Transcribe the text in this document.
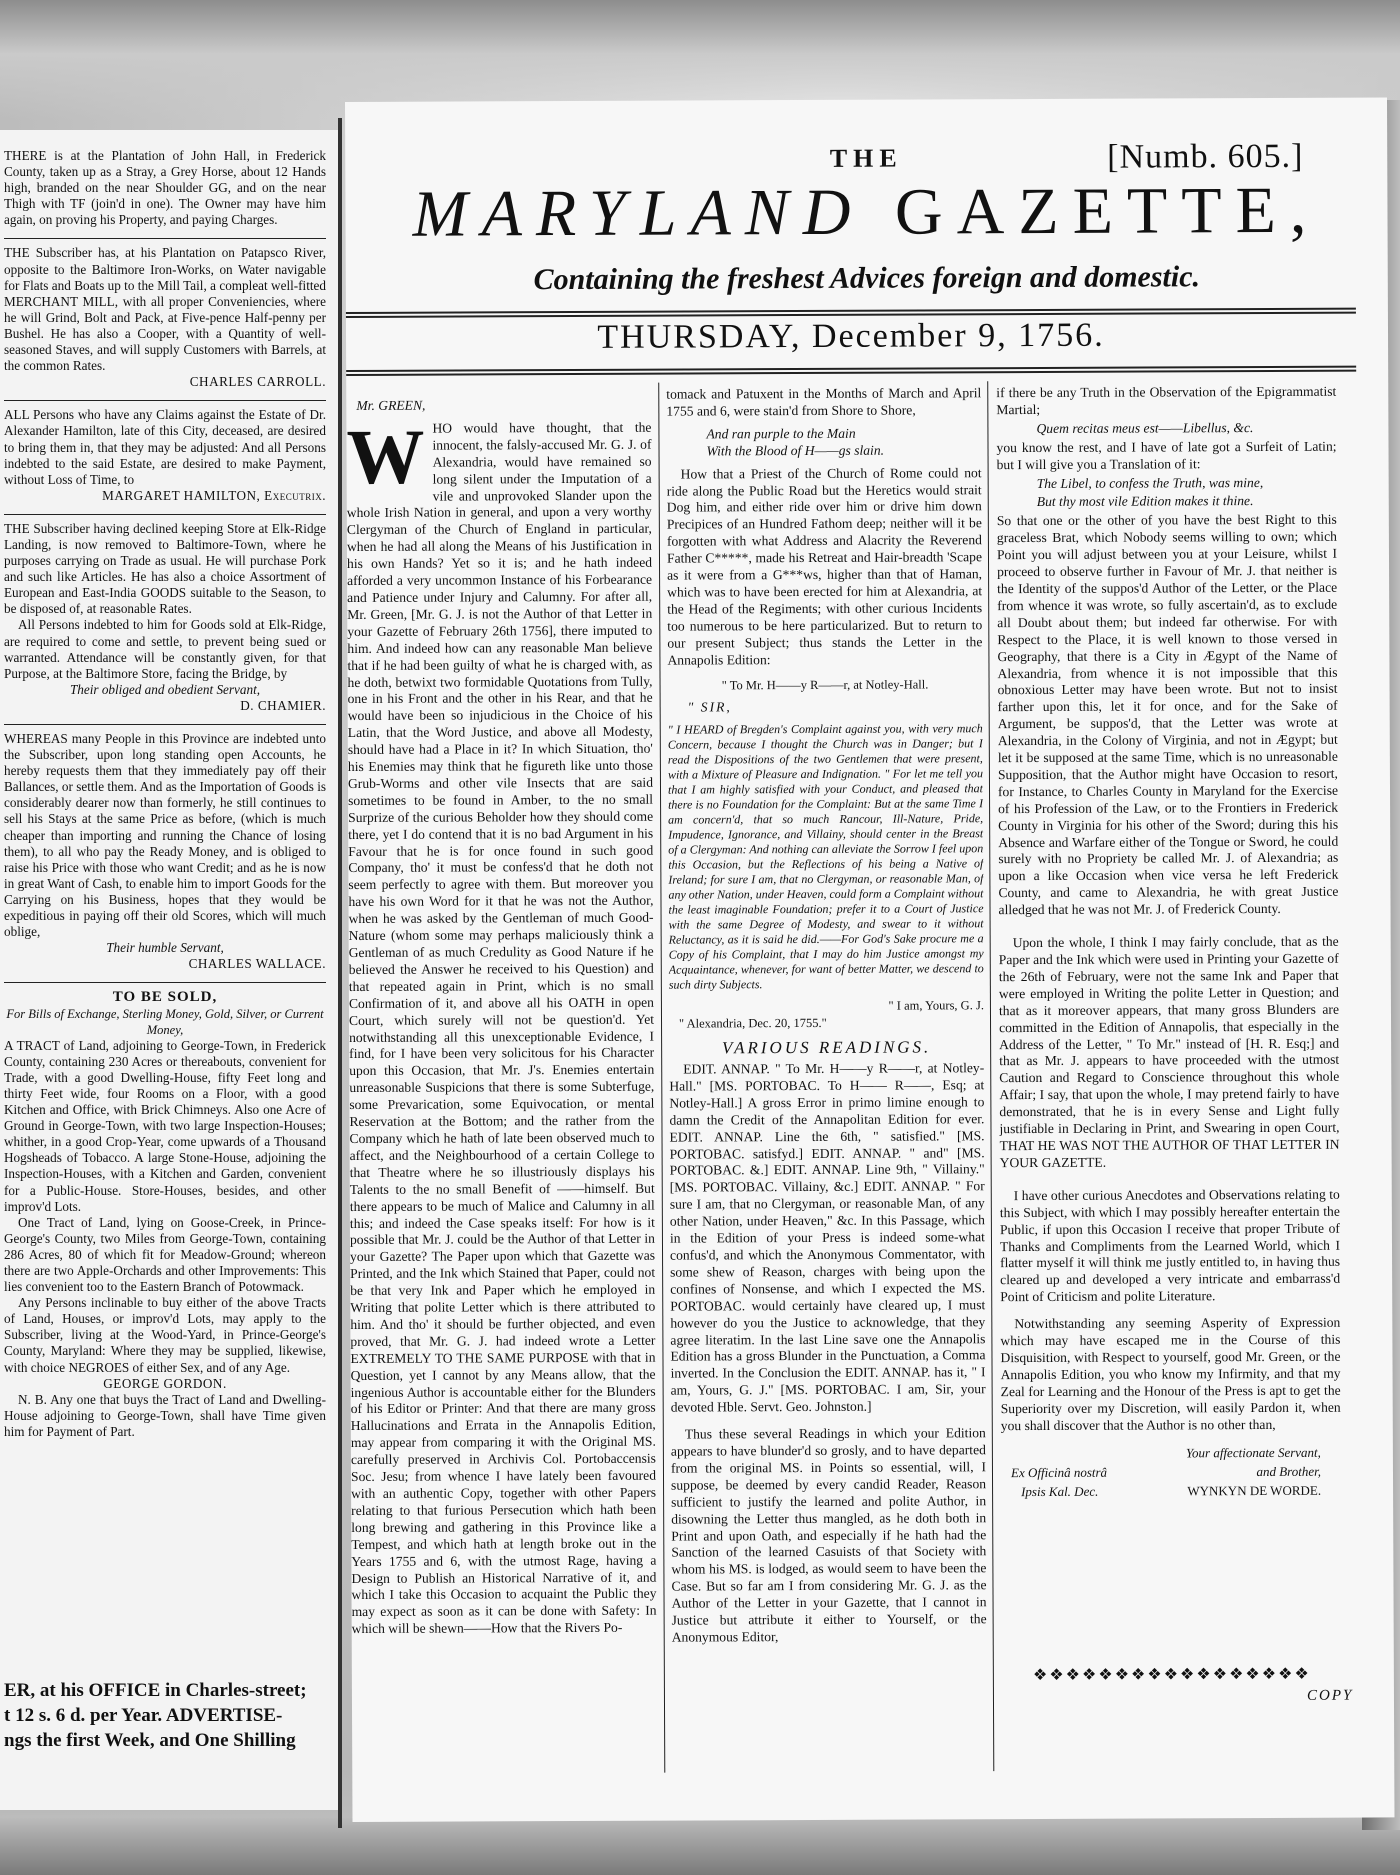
THERE is at the Plantation of John Hall, in Frederick County, taken up as a Stray, a Grey Horse, about 12 Hands high, branded on the near Shoulder GG, and on the near Thigh with TF (join'd in one). The Owner may have him again, on proving his Property, and paying Charges.
THE Subscriber has, at his Plantation on Patapsco River, opposite to the Baltimore Iron-Works, on Water navigable for Flats and Boats up to the Mill Tail, a compleat well-fitted MERCHANT MILL, with all proper Conveniencies, where he will Grind, Bolt and Pack, at Five-pence Half-penny per Bushel. He has also a Cooper, with a Quantity of well-seasoned Staves, and will supply Customers with Barrels, at the common Rates.
CHARLES CARROLL.
ALL Persons who have any Claims against the Estate of Dr. Alexander Hamilton, late of this City, deceased, are desired to bring them in, that they may be adjusted: And all Persons indebted to the said Estate, are desired to make Payment, without Loss of Time, to
MARGARET HAMILTON, Executrix.
THE Subscriber having declined keeping Store at Elk-Ridge Landing, is now removed to Baltimore-Town, where he purposes carrying on Trade as usual. He will purchase Pork and such like Articles. He has also a choice Assortment of European and East-India GOODS suitable to the Season, to be disposed of, at reasonable Rates.
All Persons indebted to him for Goods sold at Elk-Ridge, are required to come and settle, to prevent being sued or warranted. Attendance will be constantly given, for that Purpose, at the Baltimore Store, facing the Bridge, by
Their obliged and obedient Servant,
D. CHAMIER.
WHEREAS many People in this Province are indebted unto the Subscriber, upon long standing open Accounts, he hereby requests them that they immediately pay off their Ballances, or settle them. And as the Importation of Goods is considerably dearer now than formerly, he still continues to sell his Stays at the same Price as before, (which is much cheaper than importing and running the Chance of losing them), to all who pay the Ready Money, and is obliged to raise his Price with those who want Credit; and as he is now in great Want of Cash, to enable him to import Goods for the Carrying on his Business, hopes that they would be expeditious in paying off their old Scores, which will much oblige,
Their humble Servant,
CHARLES WALLACE.
TO BE SOLD,
For Bills of Exchange, Sterling Money, Gold, Silver, or Current Money,
A TRACT of Land, adjoining to George-Town, in Frederick County, containing 230 Acres or thereabouts, convenient for Trade, with a good Dwelling-House, fifty Feet long and thirty Feet wide, four Rooms on a Floor, with a good Kitchen and Office, with Brick Chimneys. Also one Acre of Ground in George-Town, with two large Inspection-Houses; whither, in a good Crop-Year, come upwards of a Thousand Hogsheads of Tobacco. A large Stone-House, adjoining the Inspection-Houses, with a Kitchen and Garden, convenient for a Public-House. Store-Houses, besides, and other improv'd Lots.
One Tract of Land, lying on Goose-Creek, in Prince-George's County, two Miles from George-Town, containing 286 Acres, 80 of which fit for Meadow-Ground; whereon there are two Apple-Orchards and other Improvements: This lies convenient too to the Eastern Branch of Potowmack.
Any Persons inclinable to buy either of the above Tracts of Land, Houses, or improv'd Lots, may apply to the Subscriber, living at the Wood-Yard, in Prince-George's County, Maryland: Where they may be supplied, likewise, with choice NEGROES of either Sex, and of any Age.
GEORGE GORDON.
N. B. Any one that buys the Tract of Land and Dwelling-House adjoining to George-Town, shall have Time given him for Payment of Part.
ER, at his OFFICE in Charles-street;
t 12 s. 6 d. per Year. ADVERTISE-
ngs the first Week, and One Shilling
[Numb. 605.]
THE
MARYLAND GAZETTE,
Containing the freshest Advices foreign and domestic.
THURSDAY, December 9, 1756.
Mr. GREEN,
W HO would have thought, that the innocent, the falsly-accused Mr. G. J. of Alexandria, would have remained so long silent under the Imputation of a vile and unprovoked Slander upon the whole Irish Nation in general, and upon a very worthy Clergyman of the Church of England in particular, when he had all along the Means of his Justification in his own Hands? Yet so it is; and he hath indeed afforded a very uncommon Instance of his Forbearance and Patience under Injury and Calumny. For after all, Mr. Green, [Mr. G. J. is not the Author of that Letter in your Gazette of February 26th 1756], there imputed to him. And indeed how can any reasonable Man believe that if he had been guilty of what he is charged with, as he doth, betwixt two formidable Quotations from Tully, one in his Front and the other in his Rear, and that he would have been so injudicious in the Choice of his Latin, that the Word Justice, and above all Modesty, should have had a Place in it? In which Situation, tho' his Enemies may think that he figureth like unto those Grub-Worms and other vile Insects that are said sometimes to be found in Amber, to the no small Surprize of the curious Beholder how they should come there, yet I do contend that it is no bad Argument in his Favour that he is for once found in such good Company, tho' it must be confess'd that he doth not seem perfectly to agree with them. But moreover you have his own Word for it that he was not the Author, when he was asked by the Gentleman of much Good-Nature (whom some may perhaps maliciously think a Gentleman of as much Credulity as Good Nature if he believed the Answer he received to his Question) and that repeated again in Print, which is no small Confirmation of it, and above all his OATH in open Court, which surely will not be question'd. Yet notwithstanding all this unexceptionable Evidence, I find, for I have been very solicitous for his Character upon this Occasion, that Mr. J's. Enemies entertain unreasonable Suspicions that there is some Subterfuge, some Prevarication, some Equivocation, or mental Reservation at the Bottom; and the rather from the Company which he hath of late been observed much to affect, and the Neighbourhood of a certain College to that Theatre where he so illustriously displays his Talents to the no small Benefit of ——himself. But there appears to be much of Malice and Calumny in all this; and indeed the Case speaks itself: For how is it possible that Mr. J. could be the Author of that Letter in your Gazette? The Paper upon which that Gazette was Printed, and the Ink which Stained that Paper, could not be that very Ink and Paper which he employed in Writing that polite Letter which is there attributed to him. And tho' it should be further objected, and even proved, that Mr. G. J. had indeed wrote a Letter EXTREMELY TO THE SAME PURPOSE with that in Question, yet I cannot by any Means allow, that the ingenious Author is accountable either for the Blunders of his Editor or Printer: And that there are many gross Hallucinations and Errata in the Annapolis Edition, may appear from comparing it with the Original MS. carefully preserved in Archivis Col. Portobaccensis Soc. Jesu; from whence I have lately been favoured with an authentic Copy, together with other Papers relating to that furious Persecution which hath been long brewing and gathering in this Province like a Tempest, and which hath at length broke out in the Years 1755 and 6, with the utmost Rage, having a Design to Publish an Historical Narrative of it, and which I take this Occasion to acquaint the Public they may expect as soon as it can be done with Safety: In which will be shewn——How that the Rivers Po-

tomack and Patuxent in the Months of March and April 1755 and 6, were stain'd from Shore to Shore,

And ran purple to the Main
With the Blood of H——gs slain.

How that a Priest of the Church of Rome could not ride along the Public Road but the Heretics would strait Dog him, and either ride over him or drive him down Precipices of an Hundred Fathom deep; neither will it be forgotten with what Address and Alacrity the Reverend Father C*****, made his Retreat and Hair-breadth 'Scape as it were from a G***ws, higher than that of Haman, which was to have been erected for him at Alexandria, at the Head of the Regiments; with other curious Incidents too numerous to be here particularized. But to return to our present Subject; thus stands the Letter in the Annapolis Edition:

" To Mr. H——y R——r, at Notley-Hall.
" SIR,
" I HEARD of Bregden's Complaint against you, with very much Concern, because I thought the Church was in Danger; but I read the Dispositions of the two Gentlemen that were present, with a Mixture of Pleasure and Indignation. " For let me tell you that I am highly satisfied with your Conduct, and pleased that there is no Foundation for the Complaint: But at the same Time I am concern'd, that so much Rancour, Ill-Nature, Pride, Impudence, Ignorance, and Villainy, should center in the Breast of a Clergyman: And nothing can alleviate the Sorrow I feel upon this Occasion, but the Reflections of his being a Native of Ireland; for sure I am, that no Clergyman, or reasonable Man, of any other Nation, under Heaven, could form a Complaint without the least imaginable Foundation; prefer it to a Court of Justice with the same Degree of Modesty, and swear to it without Reluctancy, as it is said he did.——For God's Sake procure me a Copy of his Complaint, that I may do him Justice amongst my Acquaintance, whenever, for want of better Matter, we descend to such dirty Subjects.
" I am, Yours, G. J.
" Alexandria, Dec. 20, 1755."
VARIOUS READINGS.

EDIT. ANNAP. " To Mr. H——y R——r, at Notley-Hall." [MS. PORTOBAC. To H—— R——, Esq; at Notley-Hall.] A gross Error in primo limine enough to damn the Credit of the Annapolitan Edition for ever. EDIT. ANNAP. Line the 6th, " satisfied." [MS. PORTOBAC. satisfyd.] EDIT. ANNAP. " and" [MS. PORTOBAC. &.] EDIT. ANNAP. Line 9th, " Villainy." [MS. PORTOBAC. Villainy, &c.] EDIT. ANNAP. " For sure I am, that no Clergyman, or reasonable Man, of any other Nation, under Heaven," &c. In this Passage, which in the Edition of your Press is indeed some-what confus'd, and which the Anonymous Commentator, with some shew of Reason, charges with being upon the confines of Nonsense, and which I expected the MS. PORTOBAC. would certainly have cleared up, I must however do you the Justice to acknowledge, that they agree literatim. In the last Line save one the Annapolis Edition has a gross Blunder in the Punctuation, a Comma inverted. In the Conclusion the EDIT. ANNAP. has it, " I am, Yours, G. J." [MS. PORTOBAC. I am, Sir, your devoted Hble. Servt. Geo. Johnston.]

Thus these several Readings in which your Edition appears to have blunder'd so grosly, and to have departed from the original MS. in Points so essential, will, I suppose, be deemed by every candid Reader, Reason sufficient to justify the learned and polite Author, in disowning the Letter thus mangled, as he doth both in Print and upon Oath, and especially if he hath had the Sanction of the learned Casuists of that Society with whom his MS. is lodged, as would seem to have been the Case. But so far am I from considering Mr. G. J. as the Author of the Letter in your Gazette, that I cannot in Justice but attribute it either to Yourself, or the Anonymous Editor,

if there be any Truth in the Observation of the Epigrammatist Martial;

Quem recitas meus est——Libellus, &c.

you know the rest, and I have of late got a Surfeit of Latin; but I will give you a Translation of it:

The Libel, to confess the Truth, was mine,
But thy most vile Edition makes it thine.

So that one or the other of you have the best Right to this graceless Brat, which Nobody seems willing to own; which Point you will adjust between you at your Leisure, whilst I proceed to observe further in Favour of Mr. J. that neither is the Identity of the suppos'd Author of the Letter, or the Place from whence it was wrote, so fully ascertain'd, as to exclude all Doubt about them; but indeed far otherwise. For with Respect to the Place, it is well known to those versed in Geography, that there is a City in Ægypt of the Name of Alexandria, from whence it is not impossible that this obnoxious Letter may have been wrote. But not to insist farther upon this, let it for once, and for the Sake of Argument, be suppos'd, that the Letter was wrote at Alexandria, in the Colony of Virginia, and not in Ægypt; but let it be supposed at the same Time, which is no unreasonable Supposition, that the Author might have Occasion to resort, for Instance, to Charles County in Maryland for the Exercise of his Profession of the Law, or to the Frontiers in Frederick County in Virginia for his other of the Sword; during this his Absence and Warfare either of the Tongue or Sword, he could surely with no Propriety be called Mr. J. of Alexandria; as upon a like Occasion when vice versa he left Frederick County, and came to Alexandria, he with great Justice alledged that he was not Mr. J. of Frederick County.

Upon the whole, I think I may fairly conclude, that as the Paper and the Ink which were used in Printing your Gazette of the 26th of February, were not the same Ink and Paper that were employed in Writing the polite Letter in Question; and that as it moreover appears, that many gross Blunders are committed in the Edition of Annapolis, that especially in the Address of the Letter, " To Mr." instead of [H. R. Esq;] and that as Mr. J. appears to have proceeded with the utmost Caution and Regard to Conscience throughout this whole Affair; I say, that upon the whole, I may pretend fairly to have demonstrated, that he is in every Sense and Light fully justifiable in Declaring in Print, and Swearing in open Court, THAT HE WAS NOT THE AUTHOR OF THAT LETTER IN YOUR GAZETTE.

I have other curious Anecdotes and Observations relating to this Subject, with which I may possibly hereafter entertain the Public, if upon this Occasion I receive that proper Tribute of Thanks and Compliments from the Learned World, which I flatter myself it will think me justly entitled to, in having thus cleared up and developed a very intricate and embarrass'd Point of Criticism and polite Literature.

Notwithstanding any seeming Asperity of Expression which may have escaped me in the Course of this Disquisition, with Respect to yourself, good Mr. Green, or the Annapolis Edition, you who know my Infirmity, and that my Zeal for Learning and the Honour of the Press is apt to get the Superiority over my Discretion, will easily Pardon it, when you shall discover that the Author is no other than,

Your affectionate Servant,
Ex Officinâ nostrâ	and Brother,
Ipsis Kal. Dec.	WYNKYN DE WORDE.
❖❖❖❖❖❖❖❖❖❖❖❖❖❖❖❖❖
COPY
